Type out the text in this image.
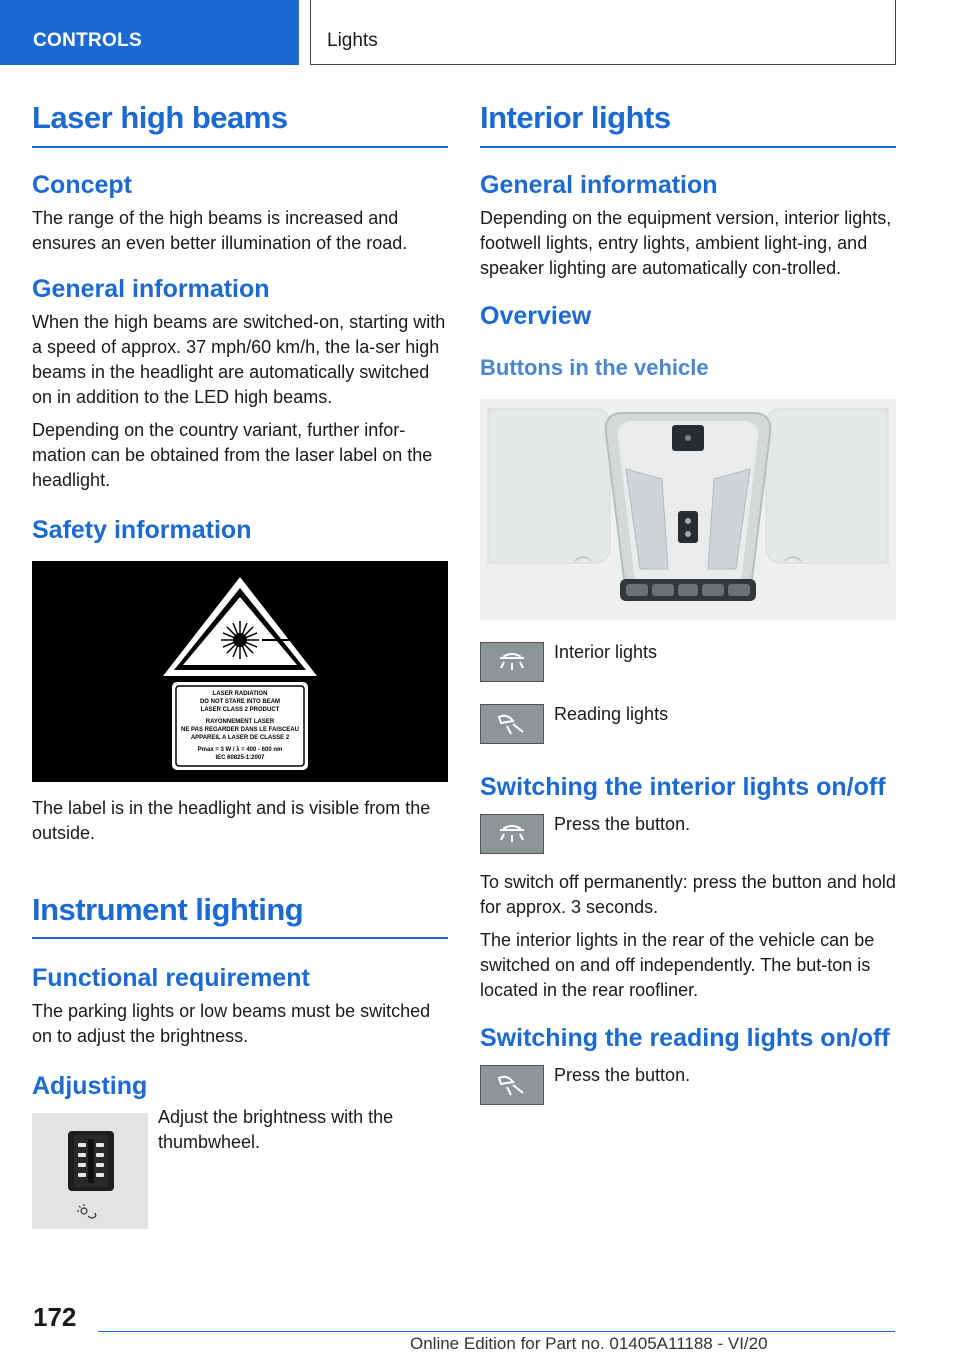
CONTROLS	Lights
Laser high beams
Concept

The range of the high beams is increased and ensures an even better illumination of the road.

General information

When the high beams are switched-on, starting with a speed of approx. 37 mph/60 km/h, the la-ser high beams in the headlight are automatically switched on in addition to the LED high beams.

Depending on the country variant, further infor-mation can be obtained from the laser label on the headlight.

Safety information
LASER RADIATION
DO NOT STARE INTO BEAM
LASER CLASS 2 PRODUCT
RAYONNEMENT LASER
NE PAS REGARDER DANS LE FAISCEAU
APPAREIL A LASER DE CLASSE 2
Pmax = 3 W / λ = 400 - 600 nm
IEC 60825-1:2007

The label is in the headlight and is visible from the outside.

Instrument lighting
Functional requirement

The parking lights or low beams must be switched on to adjust the brightness.

Adjusting
Adjust the brightness with the thumbwheel.
Interior lights
General information

Depending on the equipment version, interior lights, footwell lights, entry lights, ambient light-ing, and speaker lighting are automatically con-trolled.

Overview
Buttons in the vehicle
Interior lights
Reading lights
Switching the interior lights on/off
Press the button.

To switch off permanently: press the button and hold for approx. 3 seconds.

The interior lights in the rear of the vehicle can be switched on and off independently. The but-ton is located in the rear roofliner.

Switching the reading lights on/off
Press the button.
172
Online Edition for Part no. 01405A11188 - VI/20
